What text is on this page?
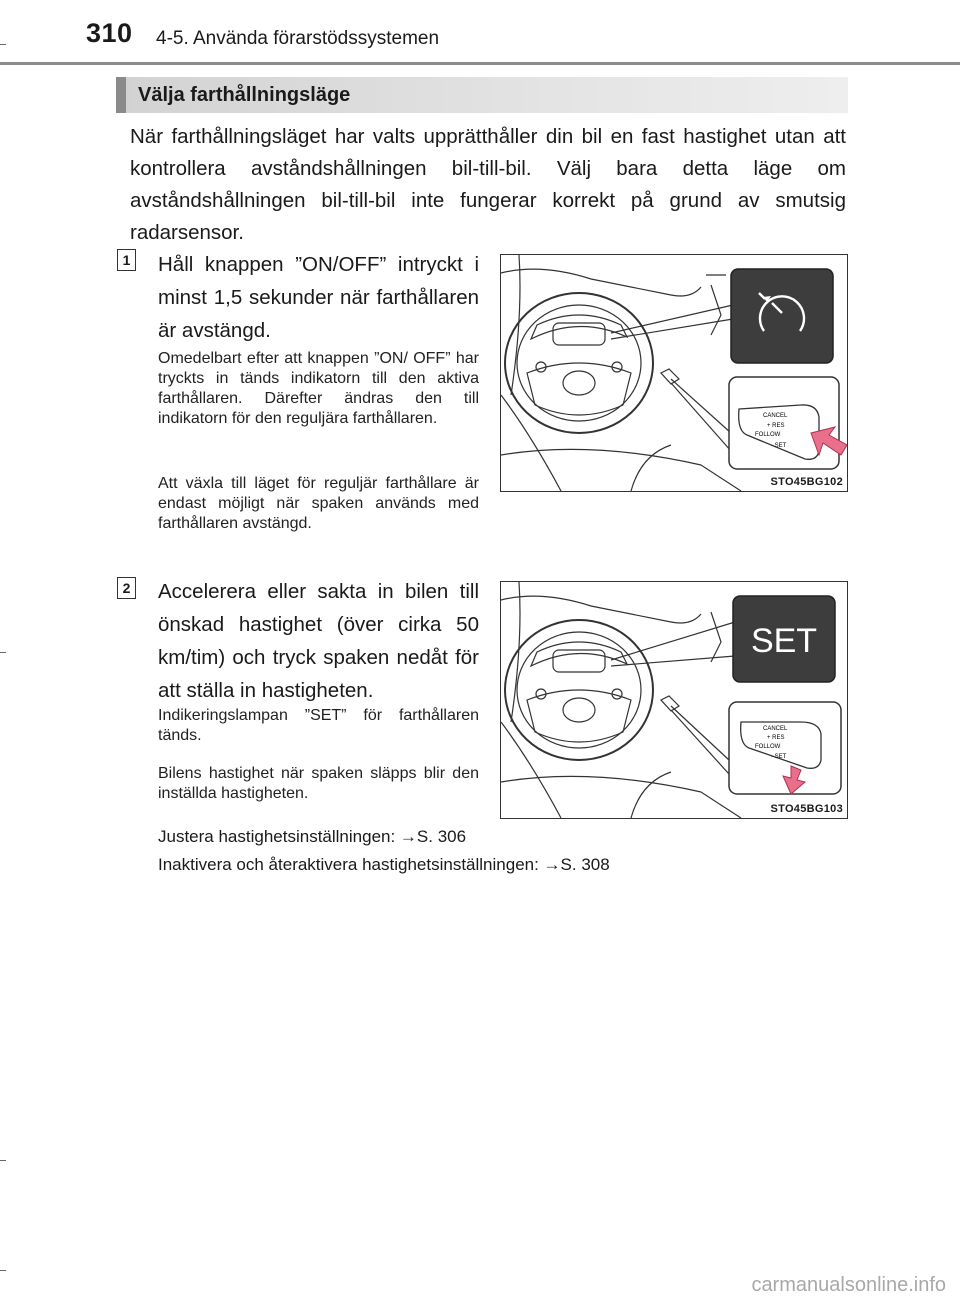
310 4-5. Använda förarstödssystemen
Välja farthållningsläge
När farthållningsläget har valts upprätthåller din bil en fast hastighet utan att kontrollera avståndshållningen bil-till-bil. Välj bara detta läge om avståndshållningen bil-till-bil inte fungerar korrekt på grund av smutsig radarsensor.
1 Håll knappen ”ON/OFF” intryckt i minst 1,5 sekunder när farthållaren är avstängd.
Omedelbart efter att knappen ”ON/ OFF” har tryckts in tänds indikatorn till den aktiva farthållaren. Därefter ändras den till indikatorn för den reguljära farthållaren.
Att växla till läget för reguljär farthållare är endast möjligt när spaken används med farthållaren avstängd.
CANCEL
+ RES
FOLLOW
- SET
STO45BG102
2 Accelerera eller sakta in bilen till önskad hastighet (över cirka 50 km/tim) och tryck spaken nedåt för att ställa in hastigheten.
Indikeringslampan ”SET” för farthållaren tänds.
Bilens hastighet när spaken släpps blir den inställda hastigheten.
SET
CANCEL
+ RES
FOLLOW
- SET
STO45BG103
Justera hastighetsinställningen: →S. 306
Inaktivera och återaktivera hastighetsinställningen: →S. 308
carmanualsonline.info
